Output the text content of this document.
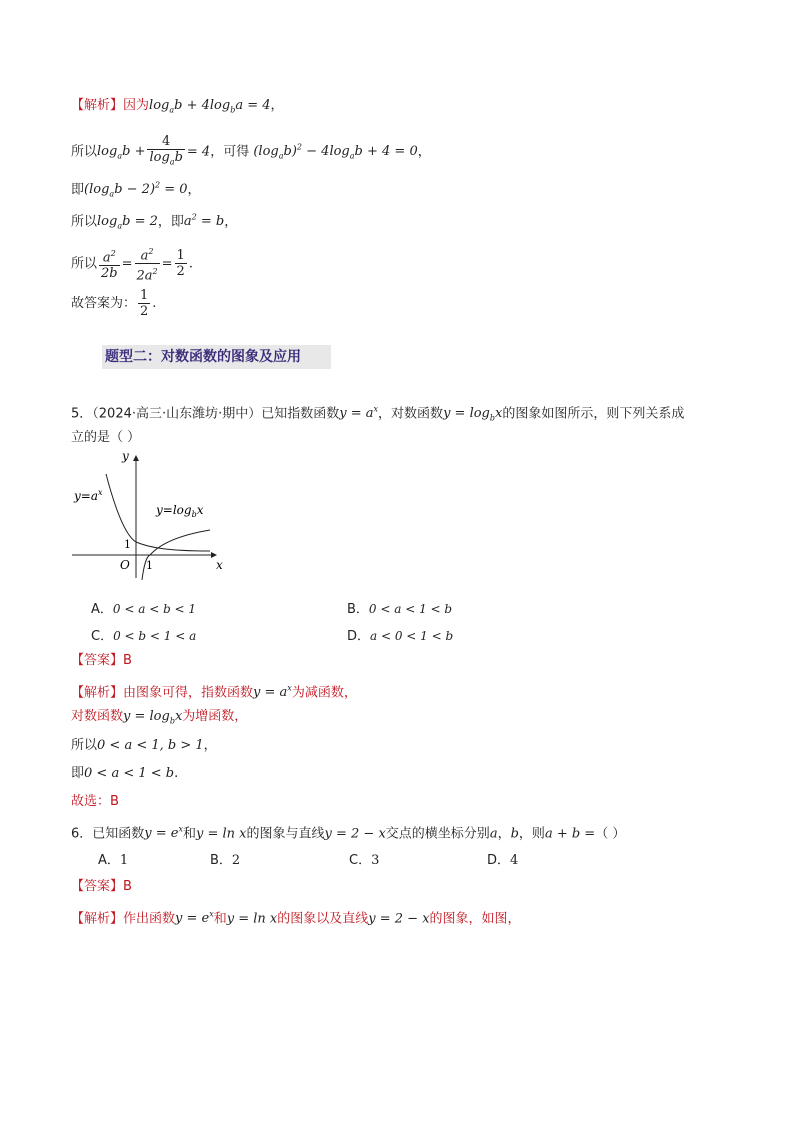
【解析】因为$\log_ab + 4\log_ba = 4$，
所以$\log_ab + \frac{4}{\log_ab} = 4$，可得 $(\log_ab)^2 - 4\log_ab + 4 = 0$，
即$(\log_ab - 2)^2 = 0$，
所以$\log_ab = 2$，即$a^2 = b$，
所以 $\frac{a^2}{2b} = \frac{a^2}{2a^2} = \frac{1}{2}$ .
故答案为： $\frac{1}{2}$ .
题型二：对数函数的图象及应用
5．（2024·高三·山东潍坊·期中）已知指数函数$y = a^x$，对数函数$y = \log_bx$的图象如图所示，则下列关系成
立的是（ ）
y
x
O 1
1
$y=a^x$
$y=\log_bx$
A．0 < a < b < 1	B．0 < a < 1 < b
C．0 < b < 1 < a	D．a < 0 < 1 < b
【答案】B
【解析】由图象可得，指数函数$y = a^x$为减函数，
对数函数$y = \log_bx$为增函数，
所以0 < a < 1, b > 1，
即0 < a < 1 < b.
故选：B
6．已知函数$y = e^x$和y = ln x的图象与直线y = 2 − x交点的横坐标分别a，b，则a + b =（ ）
A．1	B．2	C．3	D．4
【答案】B
【解析】作出函数$y = e^x$和y = ln x的图象以及直线y = 2 − x的图象，如图，
